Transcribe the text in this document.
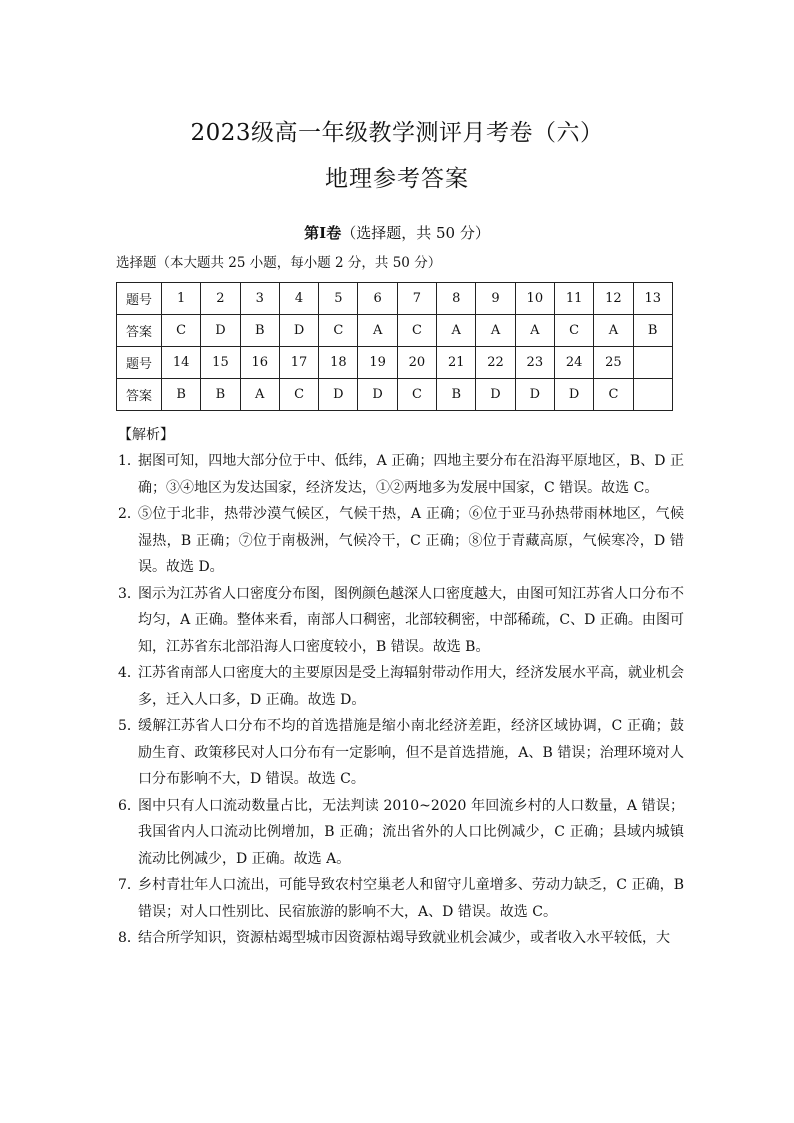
2023级高一年级教学测评月考卷（六）
地理参考答案
第Ⅰ卷（选择题，共 50 分）
选择题（本大题共 25 小题，每小题 2 分，共 50 分）
题号	1	2	3	4	5	6	7	8	9	10	11	12	13
答案	C	D	B	D	C	A	C	A	A	A	C	A	B
题号	14	15	16	17	18	19	20	21	22	23	24	25	
答案	B	B	A	C	D	D	C	B	D	D	D	C	
【解析】
1．
据图可知，四地大部分位于中、低纬，A 正确；四地主要分布在沿海平原地区，B、D 正确；③④地区为发达国家，经济发达，①②两地多为发展中国家，C 错误。故选 C。
2．
⑤位于北非，热带沙漠气候区，气候干热，A 正确；⑥位于亚马孙热带雨林地区，气候湿热，B 正确；⑦位于南极洲，气候冷干，C 正确；⑧位于青藏高原，气候寒冷，D 错误。故选 D。
3．
图示为江苏省人口密度分布图，图例颜色越深人口密度越大，由图可知江苏省人口分布不均匀，A 正确。整体来看，南部人口稠密，北部较稠密，中部稀疏，C、D 正确。由图可知，江苏省东北部沿海人口密度较小，B 错误。故选 B。
4．
江苏省南部人口密度大的主要原因是受上海辐射带动作用大，经济发展水平高，就业机会多，迁入人口多，D 正确。故选 D。
5．
缓解江苏省人口分布不均的首选措施是缩小南北经济差距，经济区域协调，C 正确；鼓励生育、政策移民对人口分布有一定影响，但不是首选措施，A、B 错误；治理环境对人口分布影响不大，D 错误。故选 C。
6．
图中只有人口流动数量占比，无法判读 2010~2020 年回流乡村的人口数量，A 错误；我国省内人口流动比例增加，B 正确；流出省外的人口比例减少，C 正确；县域内城镇流动比例减少，D 正确。故选 A。
7．
乡村青壮年人口流出，可能导致农村空巢老人和留守儿童增多、劳动力缺乏，C 正确，B 错误；对人口性别比、民宿旅游的影响不大，A、D 错误。故选 C。
8．
结合所学知识，资源枯竭型城市因资源枯竭导致就业机会减少，或者收入水平较低，大
